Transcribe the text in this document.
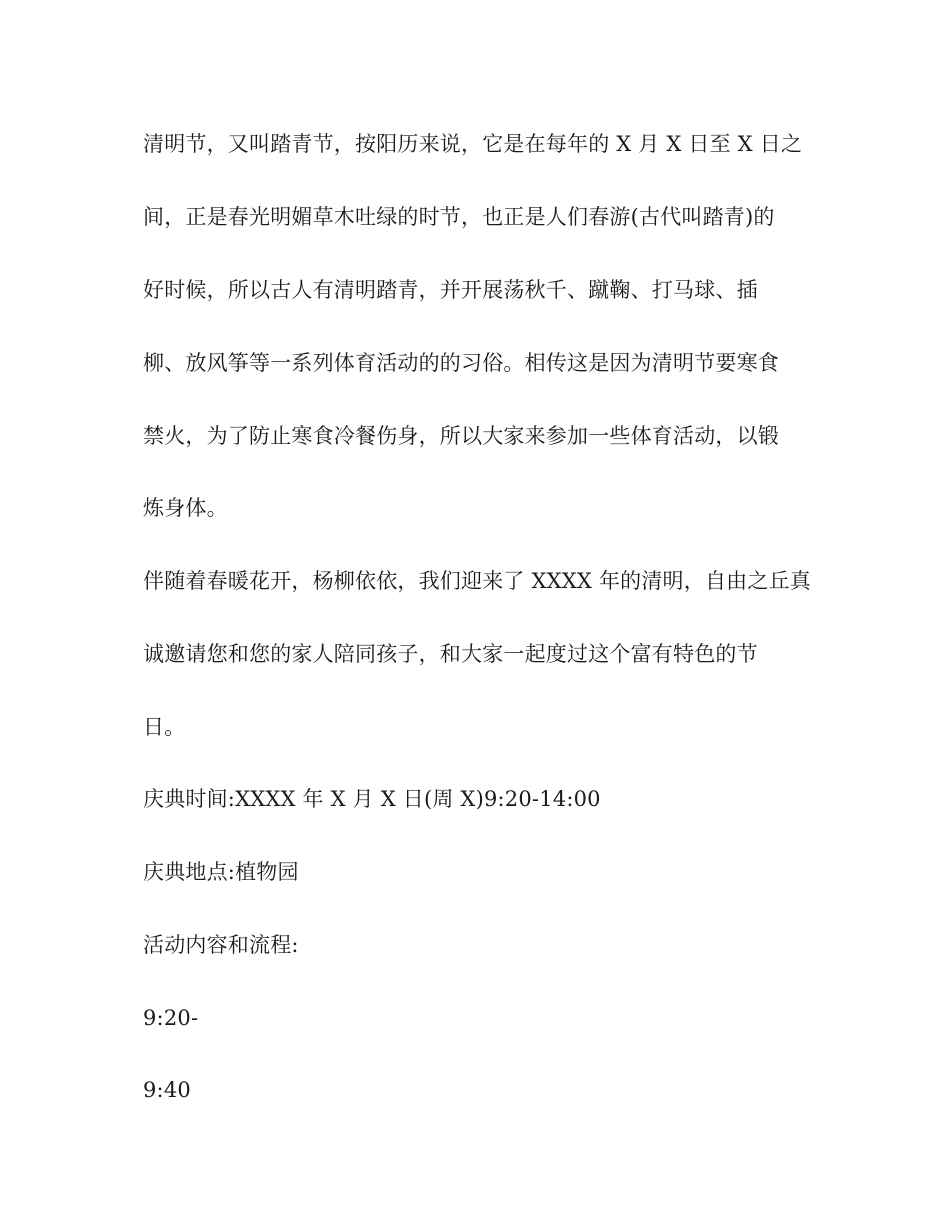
清明节，又叫踏青节，按阳历来说，它是在每年的 X 月 X 日至 X 日之
间，正是春光明媚草木吐绿的时节，也正是人们春游(古代叫踏青)的
好时候，所以古人有清明踏青，并开展荡秋千、蹴鞠、打马球、插
柳、放风筝等一系列体育活动的的习俗。相传这是因为清明节要寒食
禁火，为了防止寒食冷餐伤身，所以大家来参加一些体育活动，以锻
炼身体。
伴随着春暖花开，杨柳依依，我们迎来了 XXXX 年的清明，自由之丘真
诚邀请您和您的家人陪同孩子，和大家一起度过这个富有特色的节
日。
庆典时间:XXXX 年 X 月 X 日(周 X)9:20-14:00
庆典地点:植物园
活动内容和流程:
9:20-
9:40
